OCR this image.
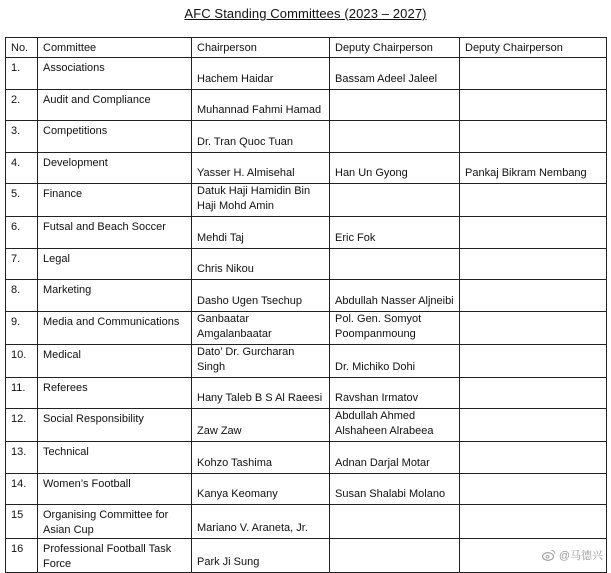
AFC Standing Committees (2023 – 2027)
No.	Committee	Chairperson	Deputy Chairperson	Deputy Chairperson
1.	Associations	Hachem Haidar	Bassam Adeel Jaleel	
2.	Audit and Compliance	Muhannad Fahmi Hamad		
3.	Competitions	Dr. Tran Quoc Tuan		
4.	Development	Yasser H. Almisehal	Han Un Gyong	Pankaj Bikram Nembang
5.	Finance	Datuk Haji Hamidin Bin Haji Mohd Amin		
6.	Futsal and Beach Soccer	Mehdi Taj	Eric Fok	
7.	Legal	Chris Nikou		
8.	Marketing	Dasho Ugen Tsechup	Abdullah Nasser Aljneibi	
9.	Media and Communications	Ganbaatar Amgalanbaatar	Pol. Gen. Somyot Poompanmoung	
10.	Medical	Dato’ Dr. Gurcharan Singh	Dr. Michiko Dohi	
11.	Referees	Hany Taleb B S Al Raeesi	Ravshan Irmatov	
12.	Social Responsibility	Zaw Zaw	Abdullah Ahmed Alshaheen Alrabeea	
13.	Technical	Kohzo Tashima	Adnan Darjal Motar	
14.	Women’s Football	Kanya Keomany	Susan Shalabi Molano	
15	Organising Committee for Asian Cup	Mariano V. Araneta, Jr.		
16	Professional Football Task Force	Park Ji Sung			@马德兴
